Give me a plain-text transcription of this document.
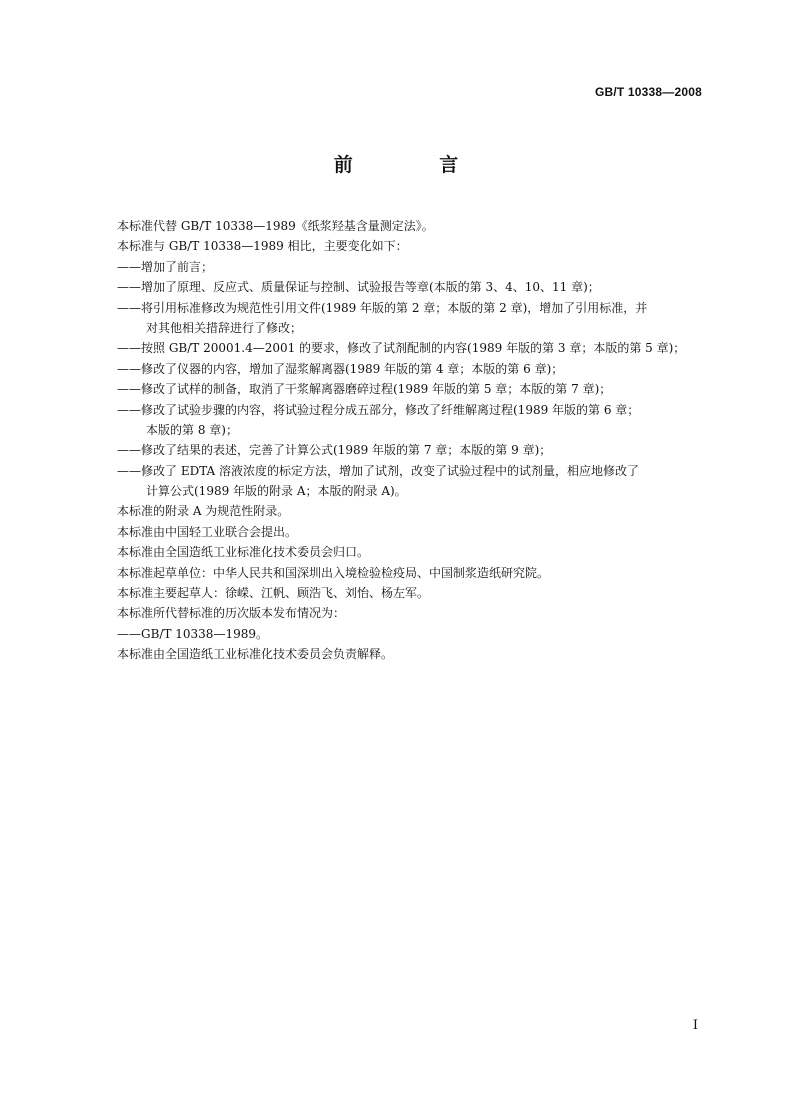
GB/T 10338—2008
前 言
本标准代替 GB/T 10338—1989《纸浆羟基含量测定法》。
本标准与 GB/T 10338—1989 相比，主要变化如下：
——增加了前言；
——增加了原理、反应式、质量保证与控制、试验报告等章(本版的第 3、4、10、11 章)；
——将引用标准修改为规范性引用文件(1989 年版的第 2 章；本版的第 2 章)，增加了引用标准，并
对其他相关措辞进行了修改；
——按照 GB/T 20001.4—2001 的要求，修改了试剂配制的内容(1989 年版的第 3 章；本版的第 5 章)；
——修改了仪器的内容，增加了湿浆解离器(1989 年版的第 4 章；本版的第 6 章)；
——修改了试样的制备，取消了干浆解离器磨碎过程(1989 年版的第 5 章；本版的第 7 章)；
——修改了试验步骤的内容，将试验过程分成五部分，修改了纤维解离过程(1989 年版的第 6 章；
本版的第 8 章)；
——修改了结果的表述，完善了计算公式(1989 年版的第 7 章；本版的第 9 章)；
——修改了 EDTA 溶液浓度的标定方法，增加了试剂，改变了试验过程中的试剂量，相应地修改了
计算公式(1989 年版的附录 A；本版的附录 A)。
本标准的附录 A 为规范性附录。
本标准由中国轻工业联合会提出。
本标准由全国造纸工业标准化技术委员会归口。
本标准起草单位：中华人民共和国深圳出入境检验检疫局、中国制浆造纸研究院。
本标准主要起草人：徐嵘、江帆、顾浩飞、刘怡、杨左军。
本标准所代替标准的历次版本发布情况为：
——GB/T 10338—1989。
本标准由全国造纸工业标准化技术委员会负责解释。
I
